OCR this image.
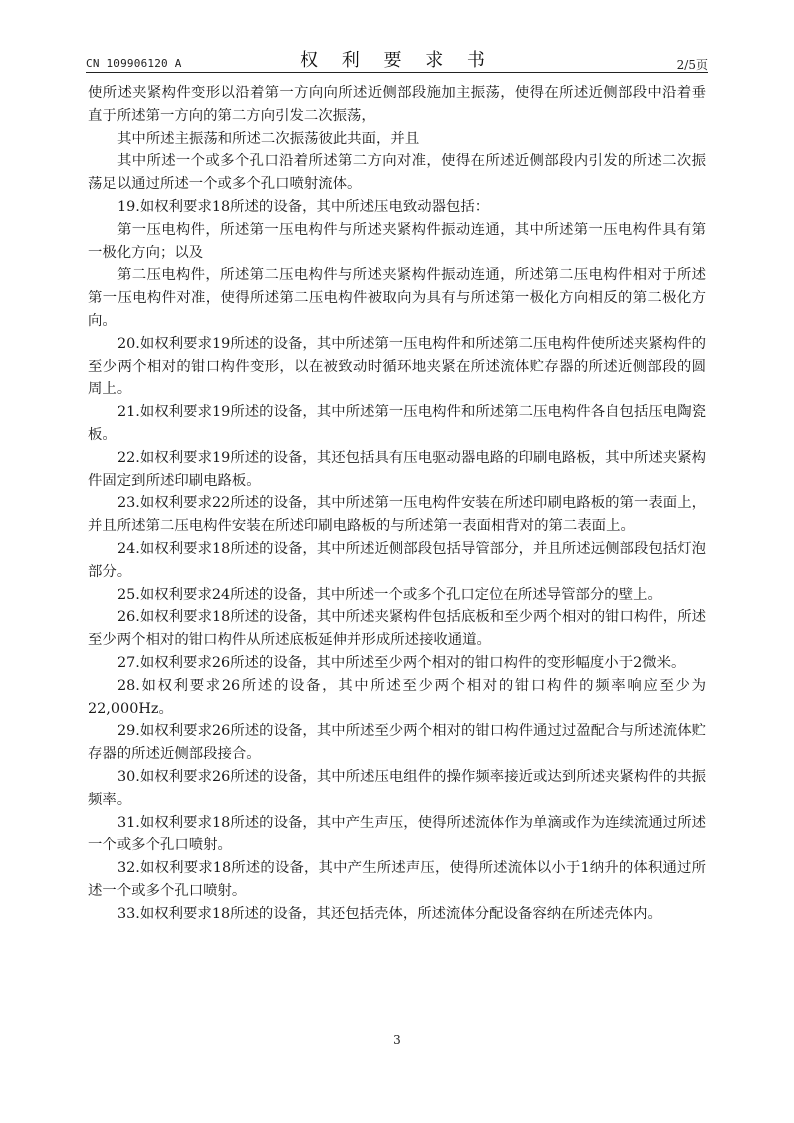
CN 109906120 A	权 利 要 求 书	2/5页

使所述夹紧构件变形以沿着第一方向向所述近侧部段施加主振荡，使得在所述近侧部段中沿着垂直于所述第一方向的第二方向引发二次振荡，

其中所述主振荡和所述二次振荡彼此共面，并且

其中所述一个或多个孔口沿着所述第二方向对准，使得在所述近侧部段内引发的所述二次振荡足以通过所述一个或多个孔口喷射流体。

19.如权利要求18所述的设备，其中所述压电致动器包括：

第一压电构件，所述第一压电构件与所述夹紧构件振动连通，其中所述第一压电构件具有第一极化方向；以及

第二压电构件，所述第二压电构件与所述夹紧构件振动连通，所述第二压电构件相对于所述第一压电构件对准，使得所述第二压电构件被取向为具有与所述第一极化方向相反的第二极化方向。

20.如权利要求19所述的设备，其中所述第一压电构件和所述第二压电构件使所述夹紧构件的至少两个相对的钳口构件变形，以在被致动时循环地夹紧在所述流体贮存器的所述近侧部段的圆周上。

21.如权利要求19所述的设备，其中所述第一压电构件和所述第二压电构件各自包括压电陶瓷板。

22.如权利要求19所述的设备，其还包括具有压电驱动器电路的印刷电路板，其中所述夹紧构件固定到所述印刷电路板。

23.如权利要求22所述的设备，其中所述第一压电构件安装在所述印刷电路板的第一表面上，并且所述第二压电构件安装在所述印刷电路板的与所述第一表面相背对的第二表面上。

24.如权利要求18所述的设备，其中所述近侧部段包括导管部分，并且所述远侧部段包括灯泡部分。

25.如权利要求24所述的设备，其中所述一个或多个孔口定位在所述导管部分的壁上。

26.如权利要求18所述的设备，其中所述夹紧构件包括底板和至少两个相对的钳口构件，所述至少两个相对的钳口构件从所述底板延伸并形成所述接收通道。

27.如权利要求26所述的设备，其中所述至少两个相对的钳口构件的变形幅度小于2微米。

28.如权利要求26所述的设备，其中所述至少两个相对的钳口构件的频率响应至少为22,000Hz。

29.如权利要求26所述的设备，其中所述至少两个相对的钳口构件通过过盈配合与所述流体贮存器的所述近侧部段接合。

30.如权利要求26所述的设备，其中所述压电组件的操作频率接近或达到所述夹紧构件的共振频率。

31.如权利要求18所述的设备，其中产生声压，使得所述流体作为单滴或作为连续流通过所述一个或多个孔口喷射。

32.如权利要求18所述的设备，其中产生所述声压，使得所述流体以小于1纳升的体积通过所述一个或多个孔口喷射。

33.如权利要求18所述的设备，其还包括壳体，所述流体分配设备容纳在所述壳体内。

3
